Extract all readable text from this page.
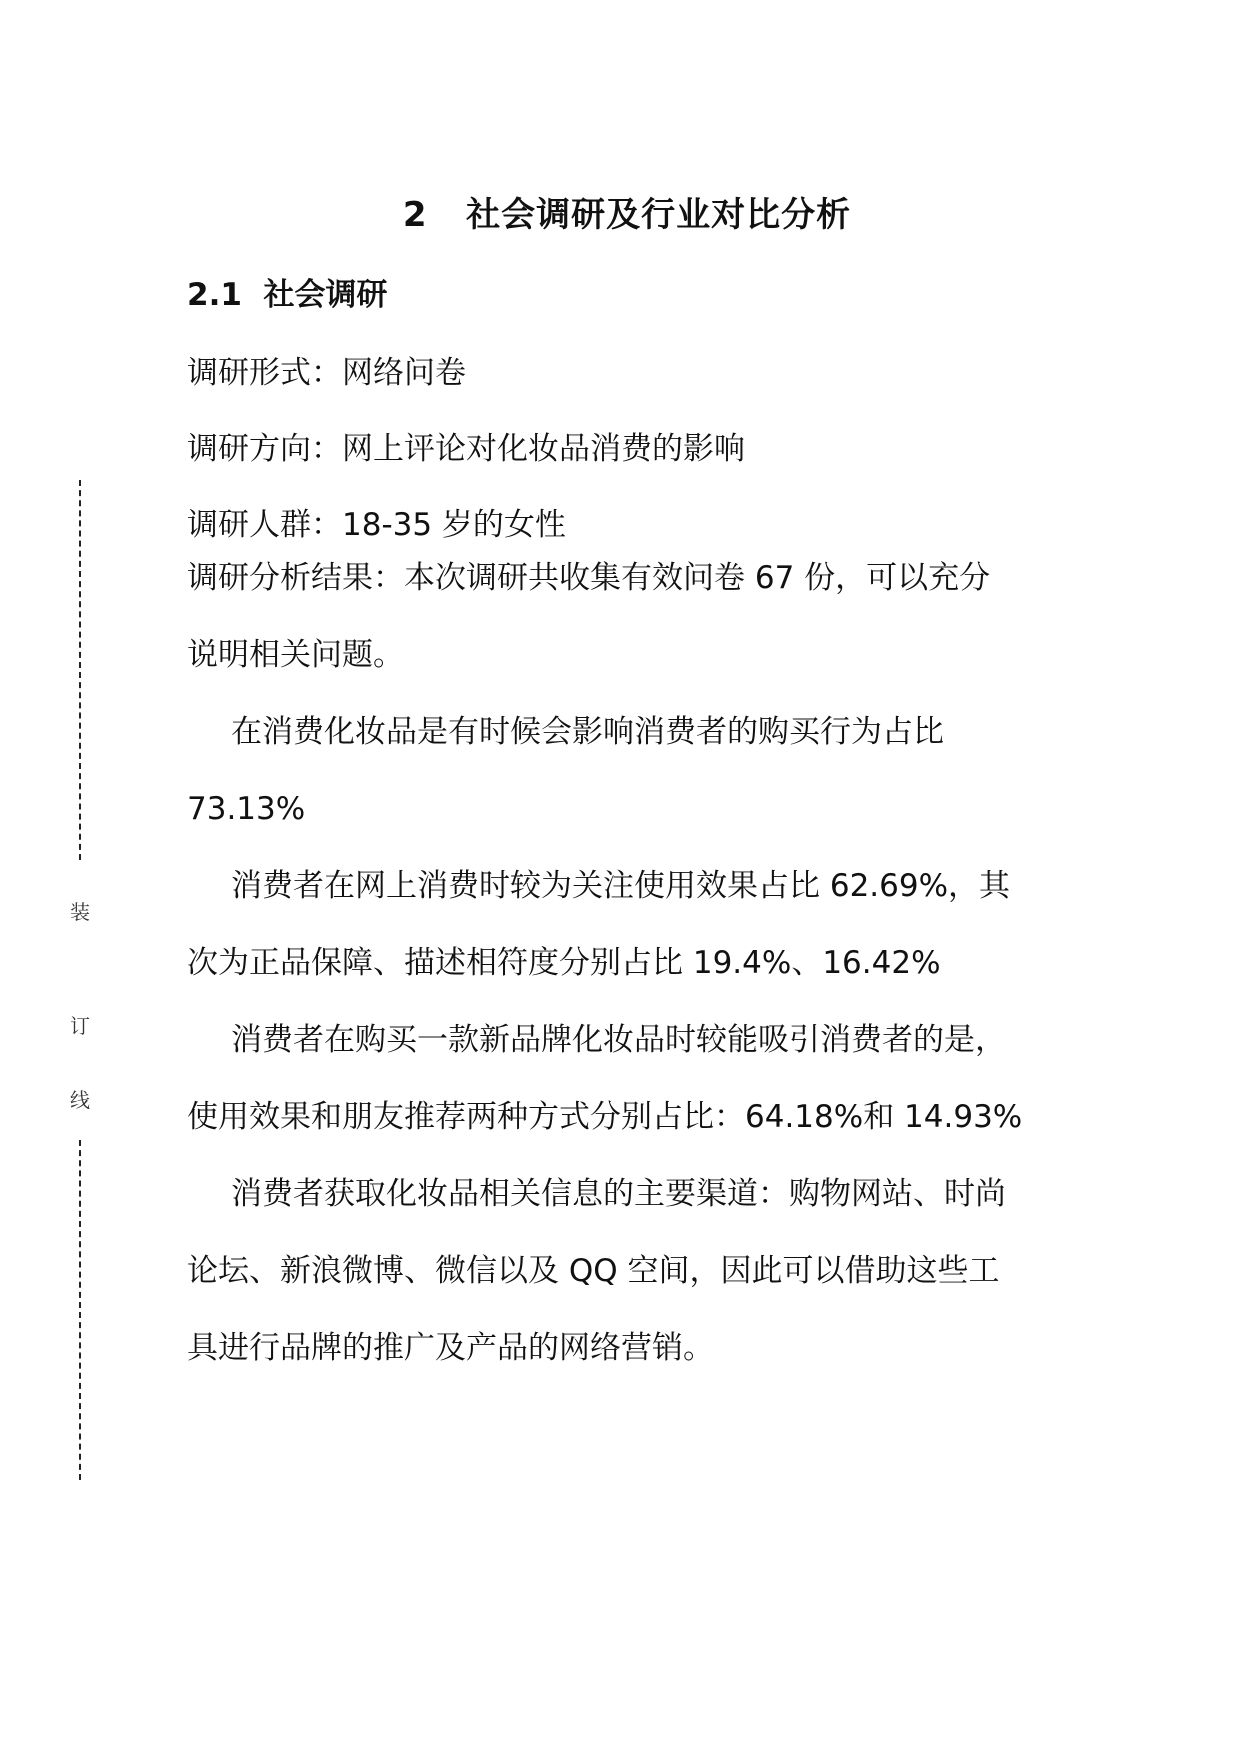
装
订
线
2 社会调研及行业对比分析
2.1 社会调研
调研形式：网络问卷
调研方向：网上评论对化妆品消费的影响
调研人群：18-35 岁的女性
调研分析结果：本次调研共收集有效问卷 67 份，可以充分
说明相关问题。
在消费化妆品是有时候会影响消费者的购买行为占比
73.13%
消费者在网上消费时较为关注使用效果占比 62.69%，其
次为正品保障、描述相符度分别占比 19.4%、16.42%
消费者在购买一款新品牌化妆品时较能吸引消费者的是，
使用效果和朋友推荐两种方式分别占比：64.18%和 14.93%
消费者获取化妆品相关信息的主要渠道：购物网站、时尚
论坛、新浪微博、微信以及 QQ 空间，因此可以借助这些工
具进行品牌的推广及产品的网络营销。
